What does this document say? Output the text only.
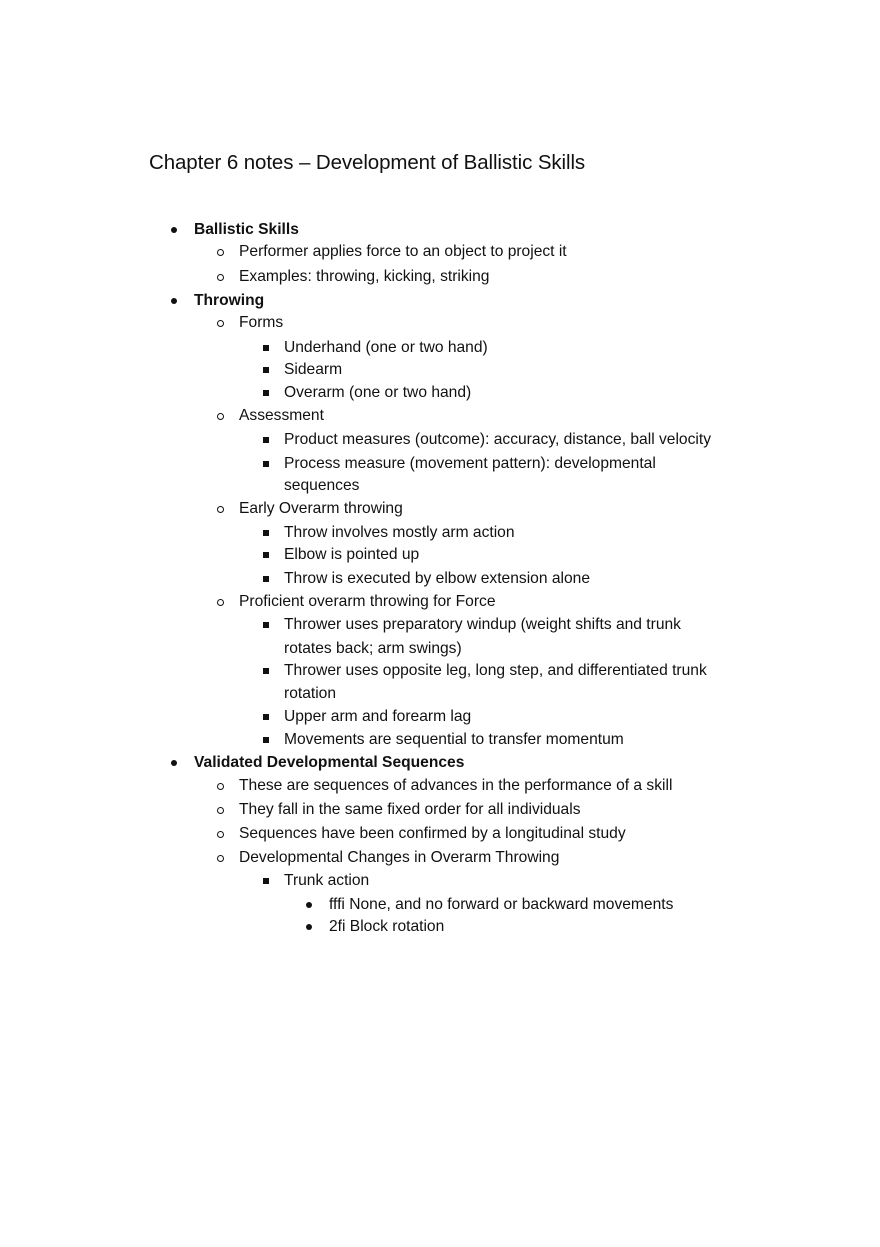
Chapter 6 notes – Development of Ballistic Skills
Ballistic Skills
Performer applies force to an object to project it
Examples: throwing, kicking, striking
Throwing
Forms
Underhand (one or two hand)
Sidearm
Overarm (one or two hand)
Assessment
Product measures (outcome): accuracy, distance, ball velocity
Process measure (movement pattern): developmental
sequences
Early Overarm throwing
Throw involves mostly arm action
Elbow is pointed up
Throw is executed by elbow extension alone
Proficient overarm throwing for Force
Thrower uses preparatory windup (weight shifts and trunk
rotates back; arm swings)
Thrower uses opposite leg, long step, and differentiated trunk
rotation
Upper arm and forearm lag
Movements are sequential to transfer momentum
Validated Developmental Sequences
These are sequences of advances in the performance of a skill
They fall in the same fixed order for all individuals
Sequences have been confirmed by a longitudinal study
Developmental Changes in Overarm Throwing
Trunk action
fffi None, and no forward or backward movements
2fi Block rotation
